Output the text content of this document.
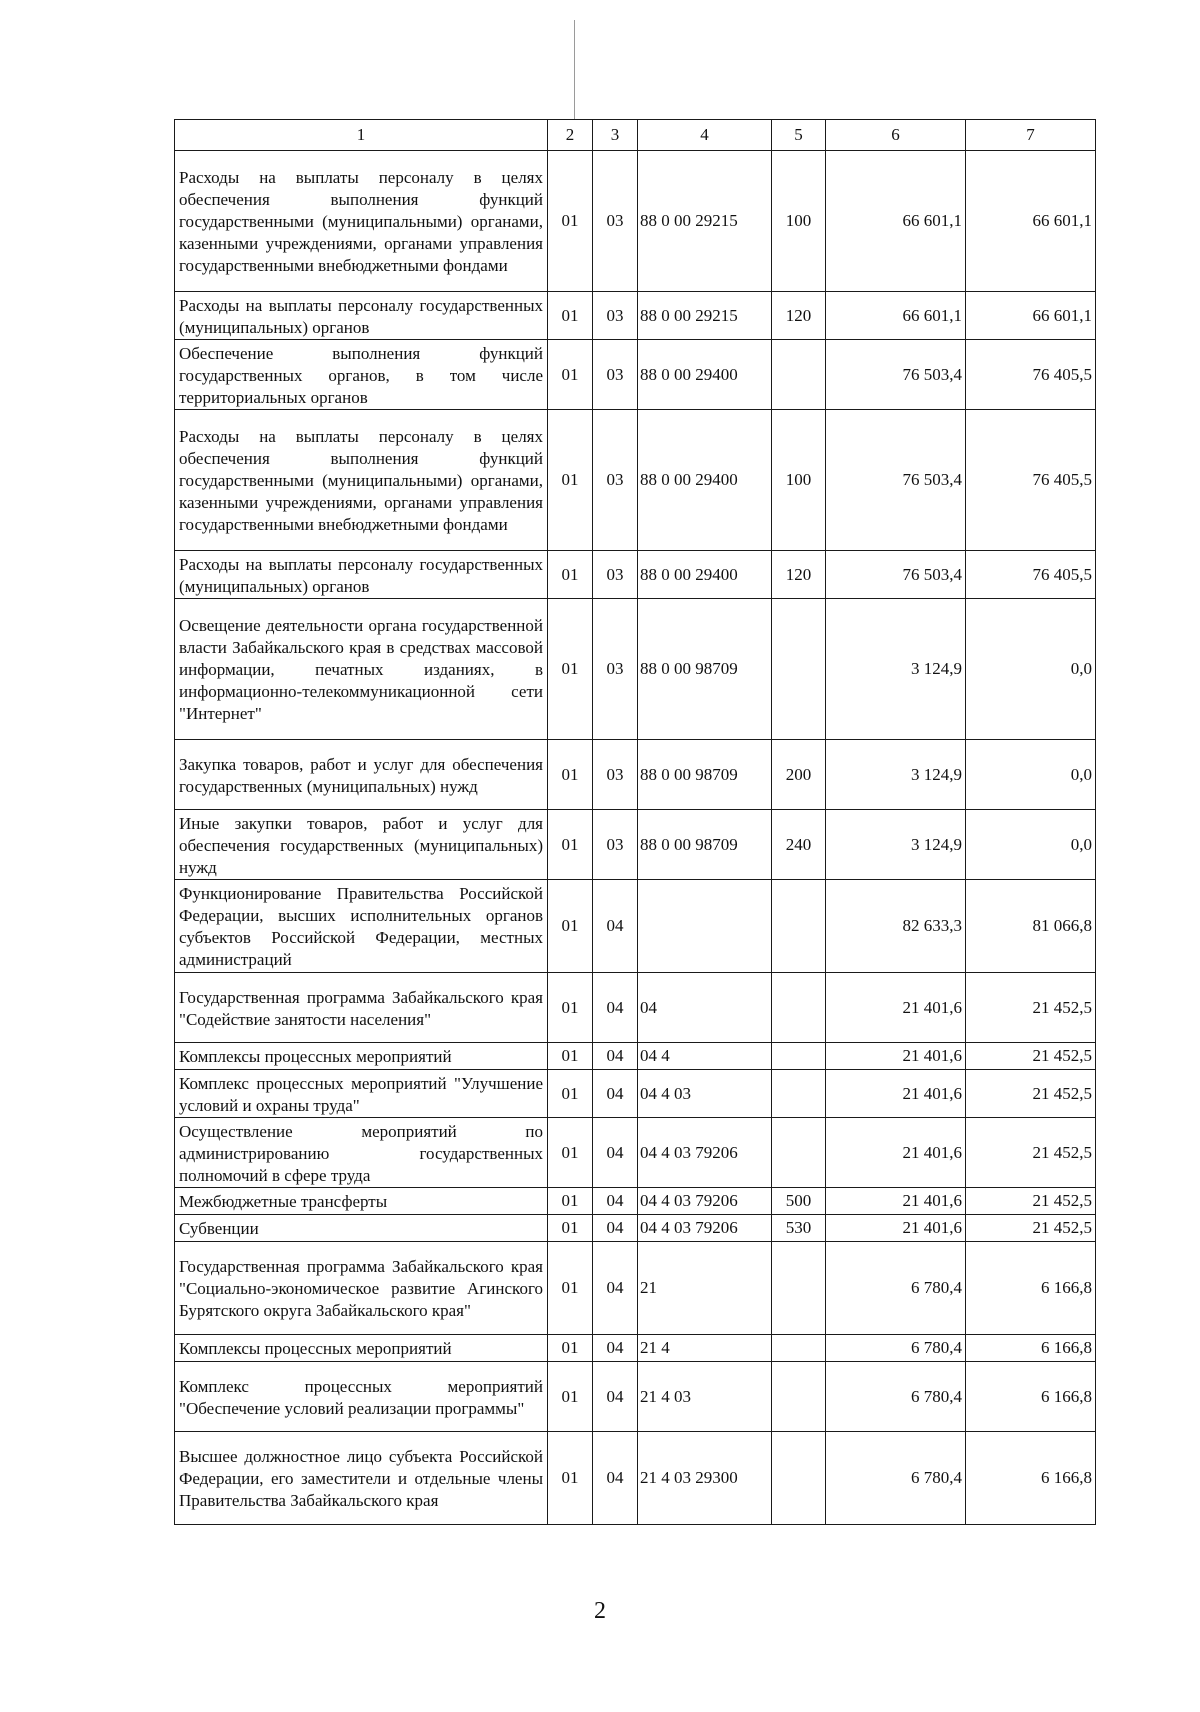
1	2	3	4	5	6	7
Расходы на выплаты персоналу в целях обеспечения выполнения функций государственными (муниципальными) органами, казенными учреждениями, органами управления государственными внебюджетными фондами	01	03	88 0 00 29215	100	66 601,1	66 601,1
Расходы на выплаты персоналу государственных (муниципальных) органов	01	03	88 0 00 29215	120	66 601,1	66 601,1
Обеспечение выполнения функций государственных органов, в том числе территориальных органов	01	03	88 0 00 29400		76 503,4	76 405,5
Расходы на выплаты персоналу в целях обеспечения выполнения функций государственными (муниципальными) органами, казенными учреждениями, органами управления государственными внебюджетными фондами	01	03	88 0 00 29400	100	76 503,4	76 405,5
Расходы на выплаты персоналу государственных (муниципальных) органов	01	03	88 0 00 29400	120	76 503,4	76 405,5
Освещение деятельности органа государственной власти Забайкальского края в средствах массовой информации, печатных изданиях, в информационно-телекоммуникационной сети "Интернет"	01	03	88 0 00 98709		3 124,9	0,0
Закупка товаров, работ и услуг для обеспечения государственных (муниципальных) нужд	01	03	88 0 00 98709	200	3 124,9	0,0
Иные закупки товаров, работ и услуг для обеспечения государственных (муниципальных) нужд	01	03	88 0 00 98709	240	3 124,9	0,0
Функционирование Правительства Российской Федерации, высших исполнительных органов субъектов Российской Федерации, местных администраций	01	04			82 633,3	81 066,8
Государственная программа Забайкальского края "Содействие занятости населения"	01	04	04		21 401,6	21 452,5
Комплексы процессных мероприятий	01	04	04 4		21 401,6	21 452,5
Комплекс процессных мероприятий "Улучшение условий и охраны труда"	01	04	04 4 03		21 401,6	21 452,5
Осуществление мероприятий по администрированию государственных полномочий в сфере труда	01	04	04 4 03 79206		21 401,6	21 452,5
Межбюджетные трансферты	01	04	04 4 03 79206	500	21 401,6	21 452,5
Субвенции	01	04	04 4 03 79206	530	21 401,6	21 452,5
Государственная программа Забайкальского края "Социально-экономическое развитие Агинского Бурятского округа Забайкальского края"	01	04	21		6 780,4	6 166,8
Комплексы процессных мероприятий	01	04	21 4		6 780,4	6 166,8
Комплекс процессных мероприятий "Обеспечение условий реализации программы"	01	04	21 4 03		6 780,4	6 166,8
Высшее должностное лицо субъекта Российской Федерации, его заместители и отдельные члены Правительства Забайкальского края	01	04	21 4 03 29300		6 780,4	6 166,8
2
